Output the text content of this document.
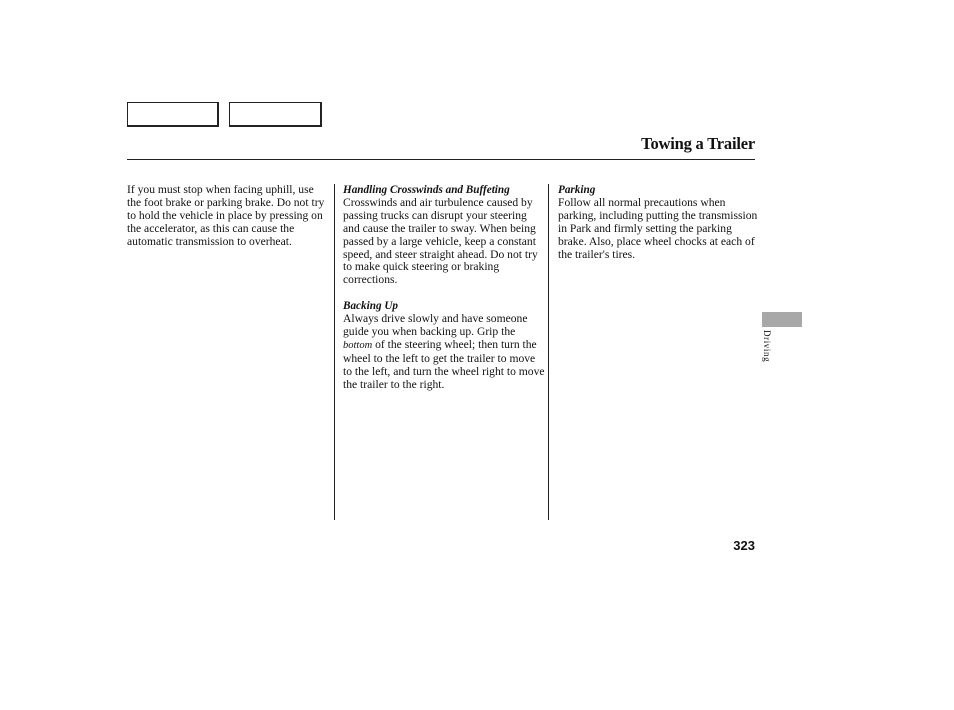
Towing a Trailer

If you must stop when facing uphill, use the foot brake or parking brake. Do not try to hold the vehicle in place by pressing on the accelerator, as this can cause the automatic transmission to overheat.

Handling Crosswinds and Buffeting

Crosswinds and air turbulence caused by passing trucks can disrupt your steering and cause the trailer to sway. When being passed by a large vehicle, keep a constant speed, and steer straight ahead. Do not try to make quick steering or braking corrections.

Backing Up

Always drive slowly and have someone guide you when backing up. Grip the bottom of the steering wheel; then turn the wheel to the left to get the trailer to move to the left, and turn the wheel right to move the trailer to the right.

Parking

Follow all normal precautions when parking, including putting the transmission in Park and firmly setting the parking brake. Also, place wheel chocks at each of the trailer's tires.

Driving
323
